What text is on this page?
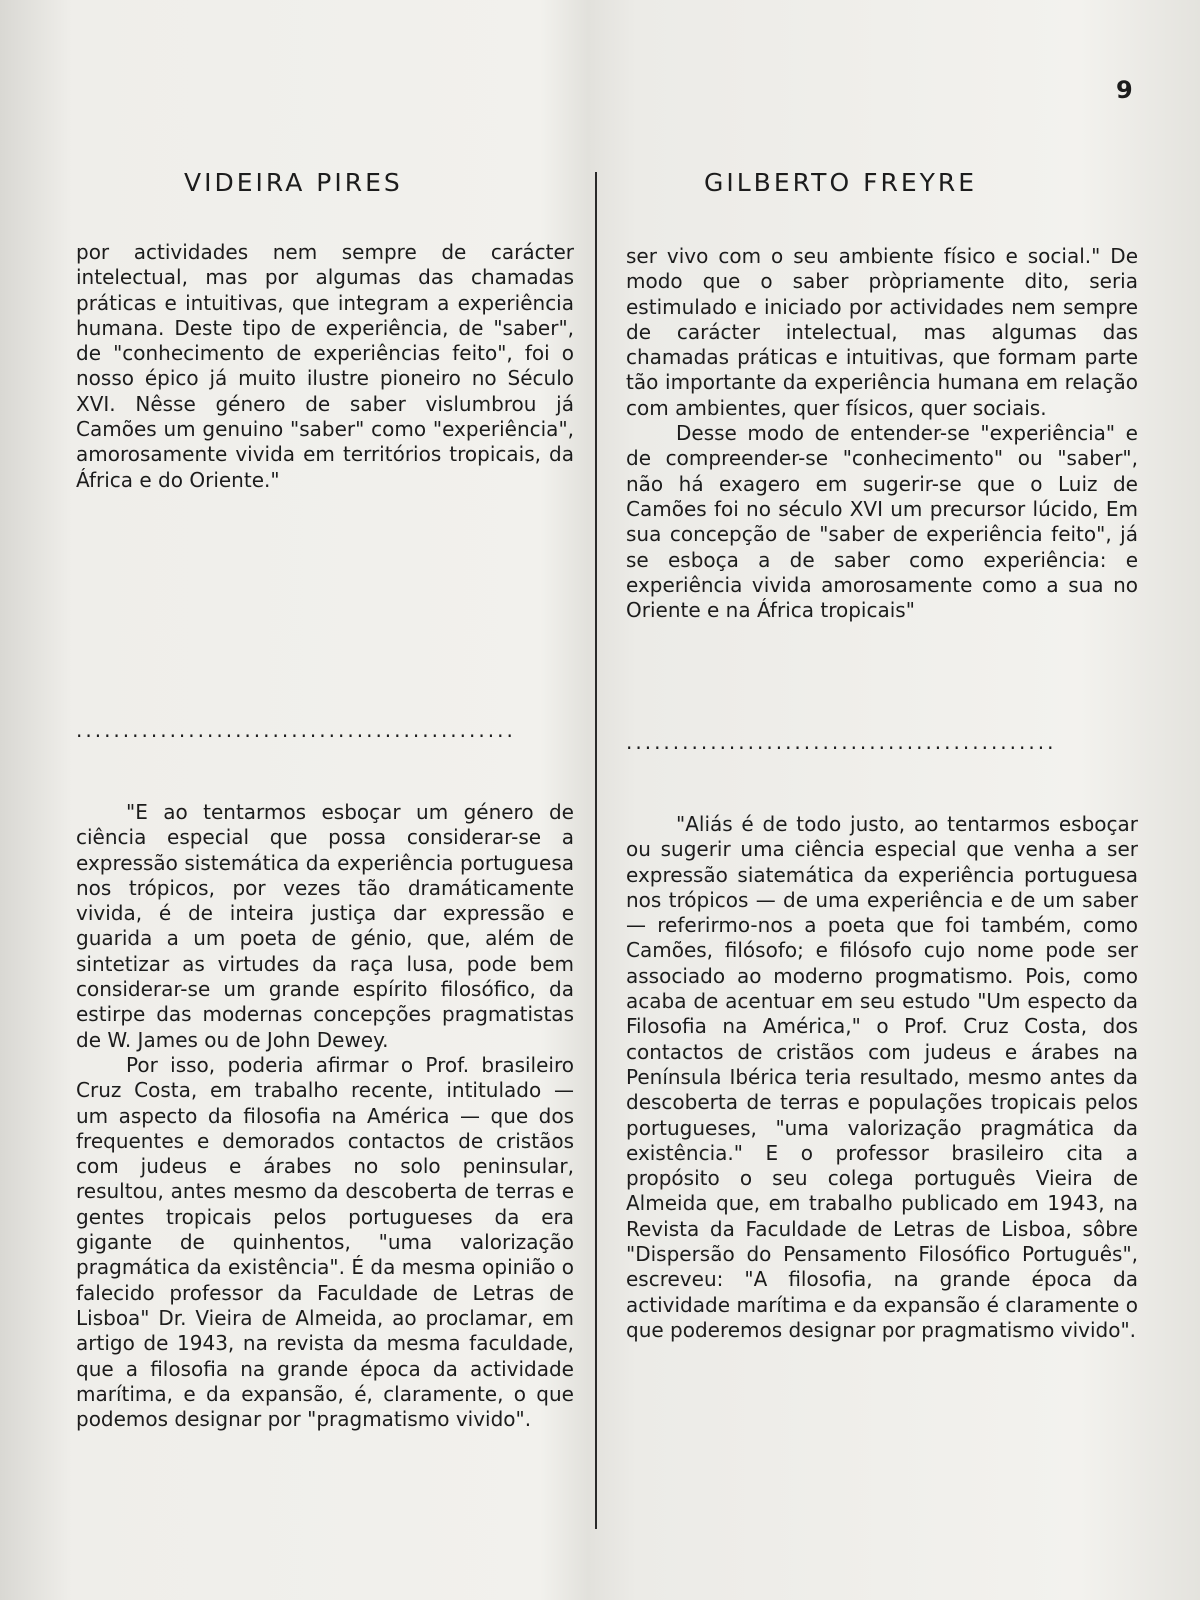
9
VIDEIRA PIRES	GILBERTO FREYRE

por actividades nem sempre de carácter intelectual, mas por algumas das chamadas práticas e intuitivas, que integram a experiência humana. Deste tipo de experiência, de "saber", de "conhecimento de experiências feito", foi o nosso épico já muito ilustre pioneiro no Século XVI. Nêsse género de saber vislumbrou já Camões um genuino "saber" como "experiência", amorosamente vivida em territórios tropicais, da África e do Oriente."

...............................................

"E ao tentarmos esboçar um género de ciência especial que possa considerar-se a expressão sistemática da experiência portuguesa nos trópicos, por vezes tão dramáticamente vivida, é de inteira justiça dar expressão e guarida a um poeta de génio, que, além de sintetizar as virtudes da raça lusa, pode bem considerar-se um grande espírito filosófico, da estirpe das modernas concepções pragmatistas de W. James ou de John Dewey.

Por isso, poderia afirmar o Prof. brasileiro Cruz Costa, em trabalho recente, intitulado — um aspecto da filosofia na América — que dos frequentes e demorados contactos de cristãos com judeus e árabes no solo peninsular, resultou, antes mesmo da descoberta de terras e gentes tropicais pelos portugueses da era gigante de quinhentos, "uma valorização pragmática da existência". É da mesma opinião o falecido professor da Faculdade de Letras de Lisboa" Dr. Vieira de Almeida, ao proclamar, em artigo de 1943, na revista da mesma faculdade, que a filosofia na grande época da actividade marítima, e da expansão, é, claramente, o que podemos designar por "pragmatismo vivido".

ser vivo com o seu ambiente físico e social." De modo que o saber pròpriamente dito, seria estimulado e iniciado por actividades nem sempre de carácter intelectual, mas algumas das chamadas práticas e intuitivas, que formam parte tão importante da experiência humana em relação com ambientes, quer físicos, quer sociais.

Desse modo de entender-se "experiência" e de compreender-se "conhecimento" ou "saber", não há exagero em sugerir-se que o Luiz de Camões foi no século XVI um precursor lúcido, Em sua concepção de "saber de experiência feito", já se esboça a de saber como experiência: e experiência vivida amorosamente como a sua no Oriente e na África tropicais"

..............................................

"Aliás é de todo justo, ao tentarmos esboçar ou sugerir uma ciência especial que venha a ser expressão siatemática da experiência portuguesa nos trópicos — de uma experiência e de um saber — referirmo-nos a poeta que foi também, como Camões, filósofo; e filósofo cujo nome pode ser associado ao moderno progmatismo. Pois, como acaba de acentuar em seu estudo "Um especto da Filosofia na América," o Prof. Cruz Costa, dos contactos de cristãos com judeus e árabes na Península Ibérica teria resultado, mesmo antes da descoberta de terras e populações tropicais pelos portugueses, "uma valorização pragmática da existência." E o professor brasileiro cita a propósito o seu colega português Vieira de Almeida que, em trabalho publicado em 1943, na Revista da Faculdade de Letras de Lisboa, sôbre "Dispersão do Pensamento Filosófico Português", escreveu: "A filosofia, na grande época da actividade marítima e da expansão é claramente o que poderemos designar por pragmatismo vivido".
